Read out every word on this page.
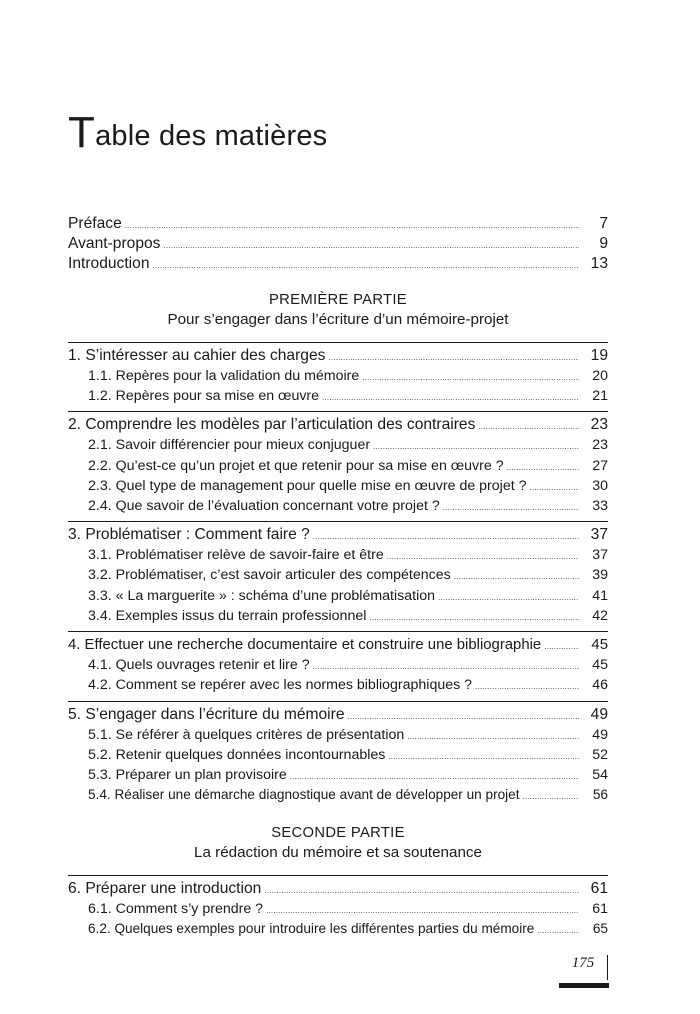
Table des matières
Préface .....	7
Avant-propos .....	9
Introduction .....	13
PREMIÈRE PARTIE
Pour s’engager dans l’écriture d’un mémoire-projet
1. S’intéresser au cahier des charges .....	19
1.1. Repères pour la validation du mémoire .....	20
1.2. Repères pour sa mise en œuvre .....	21
2. Comprendre les modèles par l’articulation des contraires .....	23
2.1. Savoir différencier pour mieux conjuguer .....	23
2.2. Qu’est-ce qu’un projet et que retenir pour sa mise en œuvre ? .....	27
2.3. Quel type de management pour quelle mise en œuvre de projet ? .....	30
2.4. Que savoir de l’évaluation concernant votre projet ? .....	33
3. Problématiser : Comment faire ? .....	37
3.1. Problématiser relève de savoir-faire et être .....	37
3.2. Problématiser, c’est savoir articuler des compétences .....	39
3.3. « La marguerite » : schéma d’une problématisation .....	41
3.4. Exemples issus du terrain professionnel .....	42
4. Effectuer une recherche documentaire et construire une bibliographie .....	45
4.1. Quels ouvrages retenir et lire ? .....	45
4.2. Comment se repérer avec les normes bibliographiques ? .....	46
5. S’engager dans l’écriture du mémoire .....	49
5.1. Se référer à quelques critères de présentation .....	49
5.2. Retenir quelques données incontournables .....	52
5.3. Préparer un plan provisoire .....	54
5.4. Réaliser une démarche diagnostique avant de développer un projet .....	56
SECONDE PARTIE
La rédaction du mémoire et sa soutenance
6. Préparer une introduction .....	61
6.1. Comment s’y prendre ? .....	61
6.2. Quelques exemples pour introduire les différentes parties du mémoire .....	65
175
